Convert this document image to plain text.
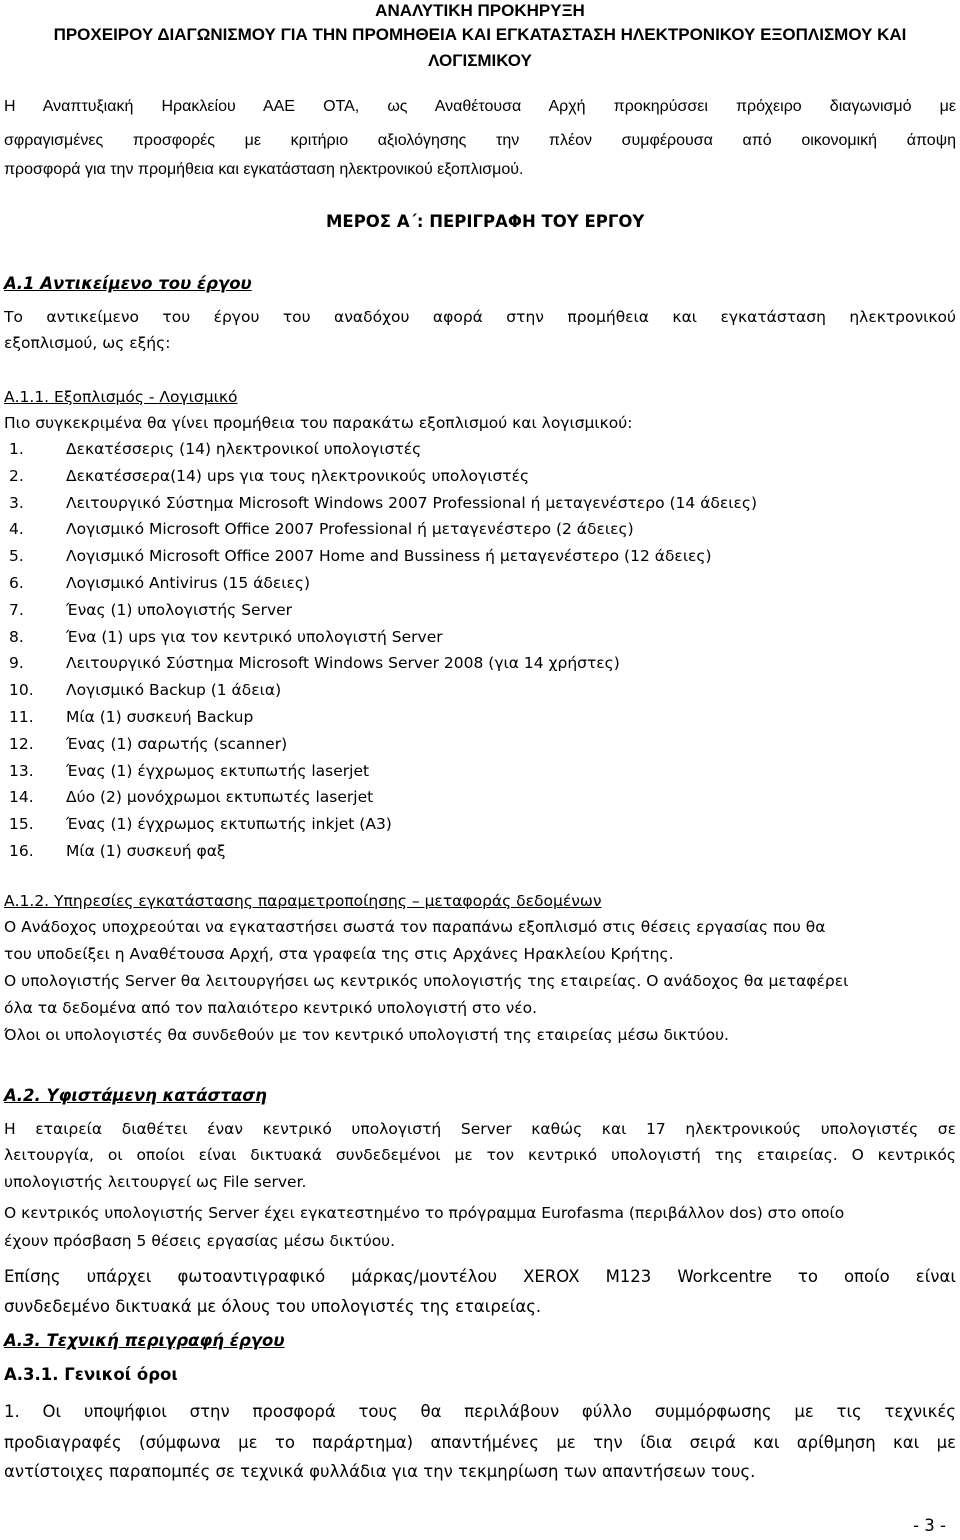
ΑΝΑΛΥΤΙΚΗ ΠΡΟΚΗΡΥΞΗ
ΠΡΟΧΕΙΡΟΥ ΔΙΑΓΩΝΙΣΜΟΥ ΓΙΑ ΤΗΝ ΠΡΟΜΗΘΕΙΑ ΚΑΙ ΕΓΚΑΤΑΣΤΑΣΗ ΗΛΕΚΤΡΟΝΙΚΟΥ ΕΞΟΠΛΙΣΜΟΥ ΚΑΙ
ΛΟΓΙΣΜΙΚΟΥ
Η Αναπτυξιακή Ηρακλείου ΑΑΕ ΟΤΑ, ως Αναθέτουσα Αρχή προκηρύσσει πρόχειρο διαγωνισμό με
σφραγισμένες προσφορές με κριτήριο αξιολόγησης την πλέον συμφέρουσα από οικονομική άποψη
προσφορά για την προμήθεια και εγκατάσταση ηλεκτρονικού εξοπλισμού.
ΜΕΡΟΣ Α΄: ΠΕΡΙΓΡΑΦΗ ΤΟΥ ΕΡΓΟΥ
Α.1 Αντικείμενο του έργου
Το αντικείμενο του έργου του αναδόχου αφορά στην προμήθεια και εγκατάσταση ηλεκτρονικού
εξοπλισμού, ως εξής:
Α.1.1. Εξοπλισμός - Λογισμικό
Πιο συγκεκριμένα θα γίνει προμήθεια του παρακάτω εξοπλισμού και λογισμικού:
1.	Δεκατέσσερις (14) ηλεκτρονικοί υπολογιστές
2.	Δεκατέσσερα(14) ups για τους ηλεκτρονικούς υπολογιστές
3.	Λειτουργικό Σύστημα Microsoft Windows 2007 Professional ή μεταγενέστερο (14 άδειες)
4.	Λογισμικό Microsoft Office 2007 Professional ή μεταγενέστερο (2 άδειες)
5.	Λογισμικό Microsoft Office 2007 Home and Bussiness ή μεταγενέστερο (12 άδειες)
6.	Λογισμικό Antivirus (15 άδειες)
7.	Ένας (1) υπολογιστής Server
8.	Ένα (1) ups για τον κεντρικό υπολογιστή Server
9.	Λειτουργικό Σύστημα Microsoft Windows Server 2008 (για 14 χρήστες)
10. Λογισμικό Backup (1 άδεια)
11. Μία (1) συσκευή Backup
12. Ένας (1) σαρωτής (scanner)
13. Ένας (1) έγχρωμος εκτυπωτής laserjet
14. Δύο (2) μονόχρωμοι εκτυπωτές laserjet
15. Ένας (1) έγχρωμος εκτυπωτής inkjet (A3)
16. Μία (1) συσκευή φαξ
Α.1.2. Υπηρεσίες εγκατάστασης παραμετροποίησης – μεταφοράς δεδομένων
Ο Ανάδοχος υποχρεούται να εγκαταστήσει σωστά τον παραπάνω εξοπλισμό στις θέσεις εργασίας που θα
του υποδείξει η Αναθέτουσα Αρχή, στα γραφεία της στις Αρχάνες Ηρακλείου Κρήτης.
Ο υπολογιστής Server θα λειτουργήσει ως κεντρικός υπολογιστής της εταιρείας. Ο ανάδοχος θα μεταφέρει
όλα τα δεδομένα από τον παλαιότερο κεντρικό υπολογιστή στο νέο.
Όλοι οι υπολογιστές θα συνδεθούν με τον κεντρικό υπολογιστή της εταιρείας μέσω δικτύου.
Α.2. Υφιστάμενη κατάσταση
Η εταιρεία διαθέτει έναν κεντρικό υπολογιστή Server καθώς και 17 ηλεκτρονικούς υπολογιστές σε
λειτουργία, οι οποίοι είναι δικτυακά συνδεδεμένοι με τον κεντρικό υπολογιστή της εταιρείας. Ο κεντρικός
υπολογιστής λειτουργεί ως File server.
Ο κεντρικός υπολογιστής Server έχει εγκατεστημένο το πρόγραμμα Eurofasma (περιβάλλον dos) στο οποίο
έχουν πρόσβαση 5 θέσεις εργασίας μέσω δικτύου.
Επίσης υπάρχει φωτοαντιγραφικό μάρκας/μοντέλου XEROX M123 Workcentre το οποίο είναι
συνδεδεμένο δικτυακά με όλους του υπολογιστές της εταιρείας.
Α.3. Τεχνική περιγραφή έργου
Α.3.1. Γενικοί όροι
1. Οι υποψήφιοι στην προσφορά τους θα περιλάβουν φύλλο συμμόρφωσης με τις τεχνικές
προδιαγραφές (σύμφωνα με το παράρτημα) απαντήμένες με την ίδια σειρά και αρίθμηση και με
αντίστοιχες παραπομπές σε τεχνικά φυλλάδια για την τεκμηρίωση των απαντήσεων τους.
- 3 -
